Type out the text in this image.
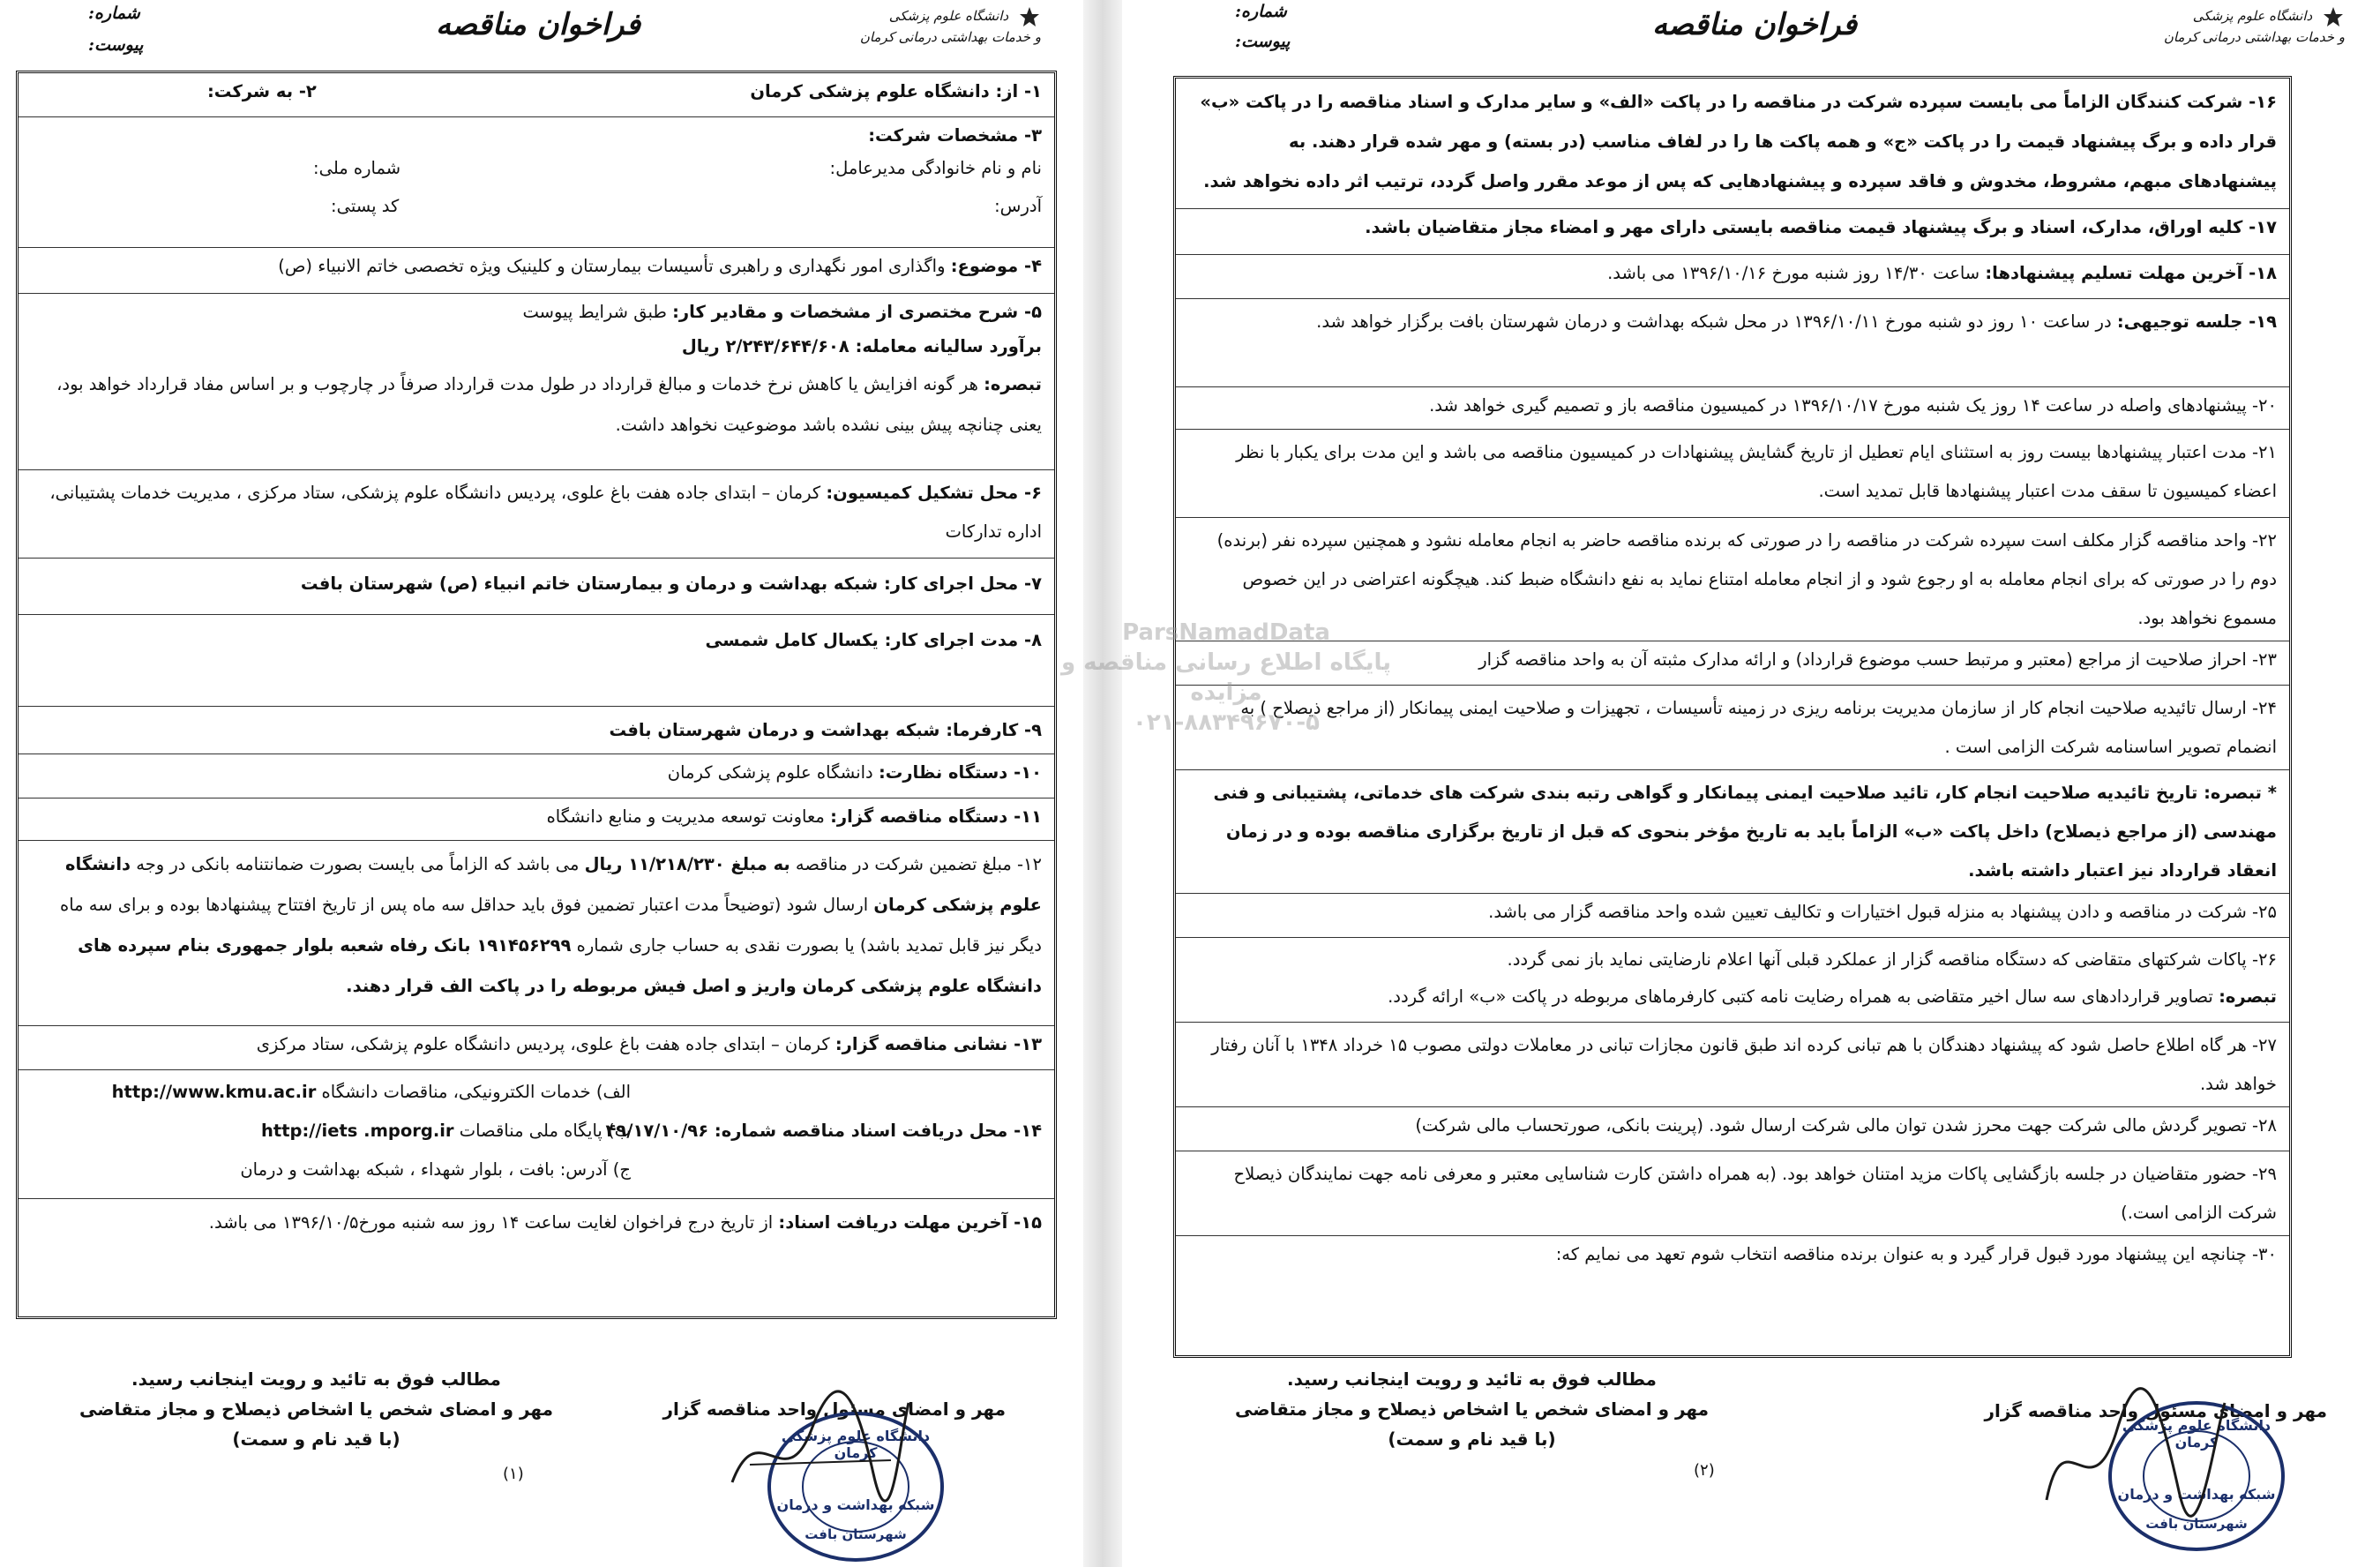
دانشگاه علوم پزشکی
و خدمات بهداشتی درمانی کرمان
فراخوان مناقصه
شماره:
پیوست:
۱- از: دانشگاه علوم پزشکی کرمان
۲- به شرکت:
۳- مشخصات شرکت:
نام و نام خانوادگی مدیرعامل:
شماره ملی:
آدرس:
کد پستی:
۴- موضوع: واگذاری امور نگهداری و راهبری تأسیسات بیمارستان و کلینیک ویژه تخصصی خاتم الانبیاء (ص)
۵- شرح مختصری از مشخصات و مقادیر کار: طبق شرایط پیوست
برآورد سالیانه معامله: ۲/۲۴۳/۶۴۴/۶۰۸ ریال
تبصره: هر گونه افزایش یا کاهش نرخ خدمات و مبالغ قرارداد در طول مدت قرارداد صرفاً در چارچوب و بر اساس مفاد قرارداد خواهد بود، یعنی چنانچه پیش بینی نشده باشد موضوعیت نخواهد داشت.
۶- محل تشکیل کمیسیون: کرمان – ابتدای جاده هفت باغ علوی، پردیس دانشگاه علوم پزشکی، ستاد مرکزی ، مدیریت خدمات پشتیبانی، اداره تدارکات
۷- محل اجرای کار: شبکه بهداشت و درمان و بیمارستان خاتم انبیاء (ص) شهرستان بافت
۸- مدت اجرای کار: یکسال کامل شمسی
۹- کارفرما: شبکه بهداشت و درمان شهرستان بافت
۱۰- دستگاه نظارت: دانشگاه علوم پزشکی کرمان
۱۱- دستگاه مناقصه گزار: معاونت توسعه مدیریت و منابع دانشگاه
۱۲- مبلغ تضمین شرکت در مناقصه به مبلغ ۱۱/۲۱۸/۲۳۰ ریال می باشد که الزاماً می بایست بصورت ضمانتنامه بانکی در وجه دانشگاه علوم پزشکی کرمان ارسال شود (توضیحاً مدت اعتبار تضمین فوق باید حداقل سه ماه پس از تاریخ افتتاح پیشنهادها بوده و برای سه ماه دیگر نیز قابل تمدید باشد) یا بصورت نقدی به حساب جاری شماره ۱۹۱۴۵۶۲۹۹ بانک رفاه شعبه بلوار جمهوری بنام سپرده های دانشگاه علوم پزشکی کرمان واریز و اصل فیش مربوطه را در پاکت الف قرار دهند.
۱۳- نشانی مناقصه گزار: کرمان – ابتدای جاده هفت باغ علوی، پردیس دانشگاه علوم پزشکی، ستاد مرکزی
الف) خدمات الکترونیکی، مناقصات دانشگاه http://www.kmu.ac.ir
۱۴- محل دریافت اسناد مناقصه شماره: ۴۹/۱۷/۱۰/۹۶
ب) پایگاه ملی مناقصات http://iets .mporg.ir
ج) آدرس: بافت ، بلوار شهداء ، شبکه بهداشت و درمان
۱۵- آخرین مهلت دریافت اسناد: از تاریخ درج فراخوان لغایت ساعت ۱۴ روز سه شنبه مورخ۱۳۹۶/۱۰/۵ می باشد.
مهر و امضای مسئول واحد مناقصه گزار
مطالب فوق به تائید و رویت اینجانب رسید.
مهر و امضای شخص یا اشخاص ذیصلاح و مجاز متقاضی
(با قید نام و سمت)
(۱)
دانشگاه علوم پزشکی کرمان
شبکه بهداشت و درمان
شهرستان بافت
دانشگاه علوم پزشکی
و خدمات بهداشتی درمانی کرمان
فراخوان مناقصه
شماره:
پیوست:
۱۶- شرکت کنندگان الزاماً می بایست سپرده شرکت در مناقصه را در پاکت «الف» و سایر مدارک و اسناد مناقصه را در پاکت «ب» قرار داده و برگ پیشنهاد قیمت را در پاکت «ج» و همه پاکت ها را در لفاف مناسب (در بسته) و مهر شده قرار دهند. به پیشنهادهای مبهم، مشروط، مخدوش و فاقد سپرده و پیشنهادهایی که پس از موعد مقرر واصل گردد، ترتیب اثر داده نخواهد شد.
۱۷- کلیه اوراق، مدارک، اسناد و برگ پیشنهاد قیمت مناقصه بایستی دارای مهر و امضاء مجاز متقاضیان باشد.
۱۸- آخرین مهلت تسلیم پیشنهادها: ساعت ۱۴/۳۰ روز شنبه مورخ ۱۳۹۶/۱۰/۱۶ می باشد.
۱۹- جلسه توجیهی: در ساعت ۱۰ روز دو شنبه مورخ ۱۳۹۶/۱۰/۱۱ در محل شبکه بهداشت و درمان شهرستان بافت برگزار خواهد شد.
۲۰- پیشنهادهای واصله در ساعت ۱۴ روز یک شنبه مورخ ۱۳۹۶/۱۰/۱۷ در کمیسیون مناقصه باز و تصمیم گیری خواهد شد.
۲۱- مدت اعتبار پیشنهادها بیست روز به استثنای ایام تعطیل از تاریخ گشایش پیشنهادات در کمیسیون مناقصه می باشد و این مدت برای یکبار با نظر اعضاء کمیسیون تا سقف مدت اعتبار پیشنهادها قابل تمدید است.
۲۲- واحد مناقصه گزار مکلف است سپرده شرکت در مناقصه را در صورتی که برنده مناقصه حاضر به انجام معامله نشود و همچنین سپرده نفر (برنده) دوم را در صورتی که برای انجام معامله به او رجوع شود و از انجام معامله امتناع نماید به نفع دانشگاه ضبط کند. هیچگونه اعتراضی در این خصوص مسموع نخواهد بود.
۲۳- احراز صلاحیت از مراجع (معتبر و مرتبط حسب موضوع قرارداد) و ارائه مدارک مثبته آن به واحد مناقصه گزار
۲۴- ارسال تائیدیه صلاحیت انجام کار از سازمان مدیریت برنامه ریزی در زمینه تأسیسات ، تجهیزات و صلاحیت ایمنی پیمانکار (از مراجع ذیصلاح ) به انضمام تصویر اساسنامه شرکت الزامی است .
* تبصره: تاریخ تائیدیه صلاحیت انجام کار، تائید صلاحیت ایمنی پیمانکار و گواهی رتبه بندی شرکت های خدماتی، پشتیبانی و فنی مهندسی (از مراجع ذیصلاح) داخل پاکت «ب» الزاماً باید به تاریخ مؤخر بنحوی که قبل از تاریخ برگزاری مناقصه بوده و در زمان انعقاد قرارداد نیز اعتبار داشته باشد.
۲۵- شرکت در مناقصه و دادن پیشنهاد به منزله قبول اختیارات و تکالیف تعیین شده واحد مناقصه گزار می باشد.
۲۶- پاکات شرکتهای متقاضی که دستگاه مناقصه گزار از عملکرد قبلی آنها اعلام نارضایتی نماید باز نمی گردد.
تبصره: تصاویر قراردادهای سه سال اخیر متقاضی به همراه رضایت نامه کتبی کارفرماهای مربوطه در پاکت «ب» ارائه گردد.
۲۷- هر گاه اطلاع حاصل شود که پیشنهاد دهندگان با هم تبانی کرده اند طبق قانون مجازات تبانی در معاملات دولتی مصوب ۱۵ خرداد ۱۳۴۸ با آنان رفتار خواهد شد.
۲۸- تصویر گردش مالی شرکت جهت محرز شدن توان مالی شرکت ارسال شود. (پرینت بانکی، صورتحساب مالی شرکت)
۲۹- حضور متقاضیان در جلسه بازگشایی پاکات مزید امتنان خواهد بود. (به همراه داشتن کارت شناسایی معتبر و معرفی نامه جهت نمایندگان ذیصلاح شرکت الزامی است.)
۳۰- چنانچه این پیشنهاد مورد قبول قرار گیرد و به عنوان برنده مناقصه انتخاب شوم تعهد می نمایم که:
مهر و امضای مسئول واحد مناقصه گزار
مطالب فوق به تائید و رویت اینجانب رسید.
مهر و امضای شخص یا اشخاص ذیصلاح و مجاز متقاضی
(با قید نام و سمت)
(۲)
دانشگاه علوم پزشکی کرمان
شبکه بهداشت و درمان
شهرستان بافت
ParsNamadData
پایگاه اطلاع رسانی مناقصه و مزایده
۰۲۱-۸۸۳۴۹۶۷۰-۵
